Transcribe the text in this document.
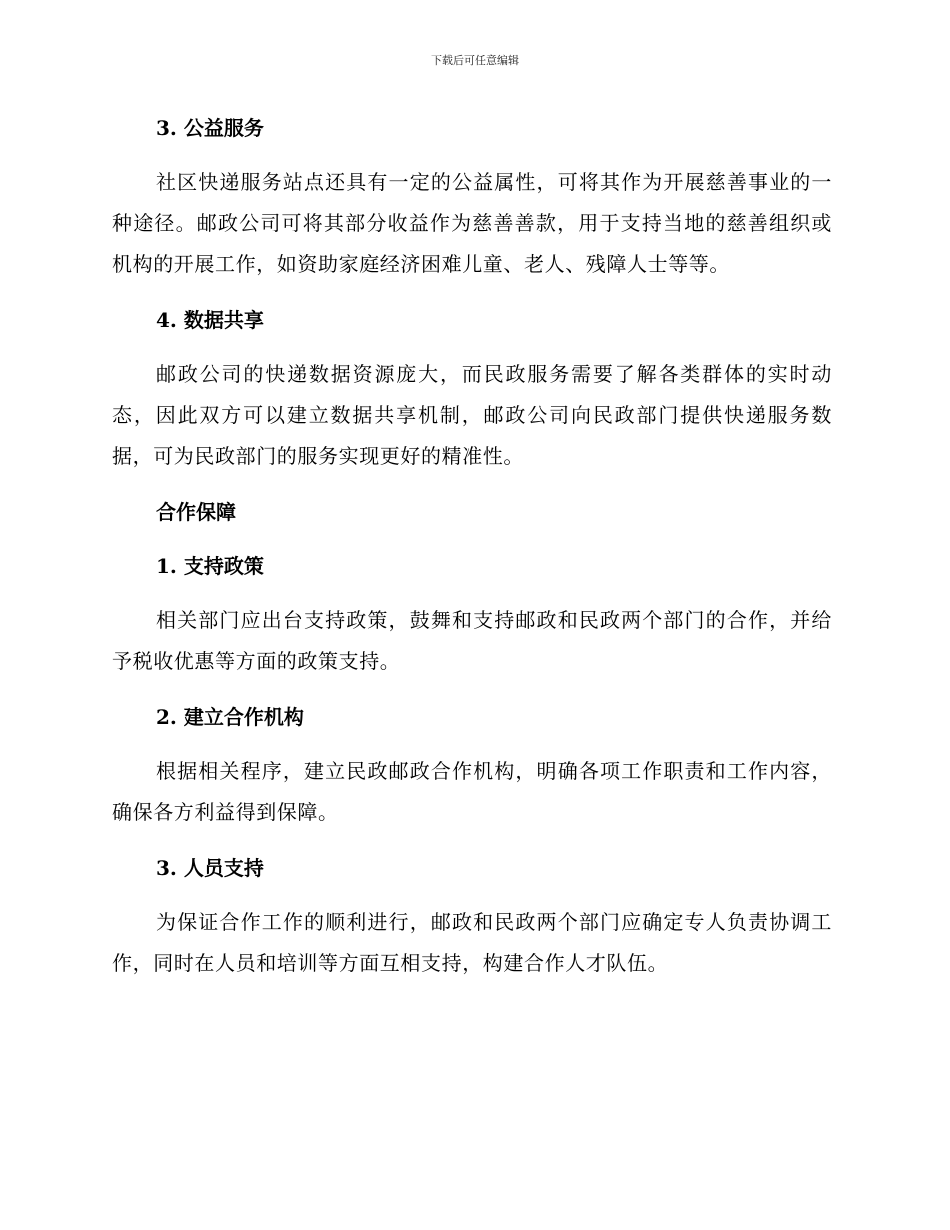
下载后可任意编辑
3. 公益服务

社区快递服务站点还具有一定的公益属性，可将其作为开展慈善事业的一种途径。邮政公司可将其部分收益作为慈善善款，用于支持当地的慈善组织或机构的开展工作，如资助家庭经济困难儿童、老人、残障人士等等。

4. 数据共享

邮政公司的快递数据资源庞大，而民政服务需要了解各类群体的实时动态，因此双方可以建立数据共享机制，邮政公司向民政部门提供快递服务数据，可为民政部门的服务实现更好的精准性。

合作保障
1. 支持政策

相关部门应出台支持政策，鼓舞和支持邮政和民政两个部门的合作，并给予税收优惠等方面的政策支持。

2. 建立合作机构

根据相关程序，建立民政邮政合作机构，明确各项工作职责和工作内容，确保各方利益得到保障。

3. 人员支持

为保证合作工作的顺利进行，邮政和民政两个部门应确定专人负责协调工作，同时在人员和培训等方面互相支持，构建合作人才队伍。
